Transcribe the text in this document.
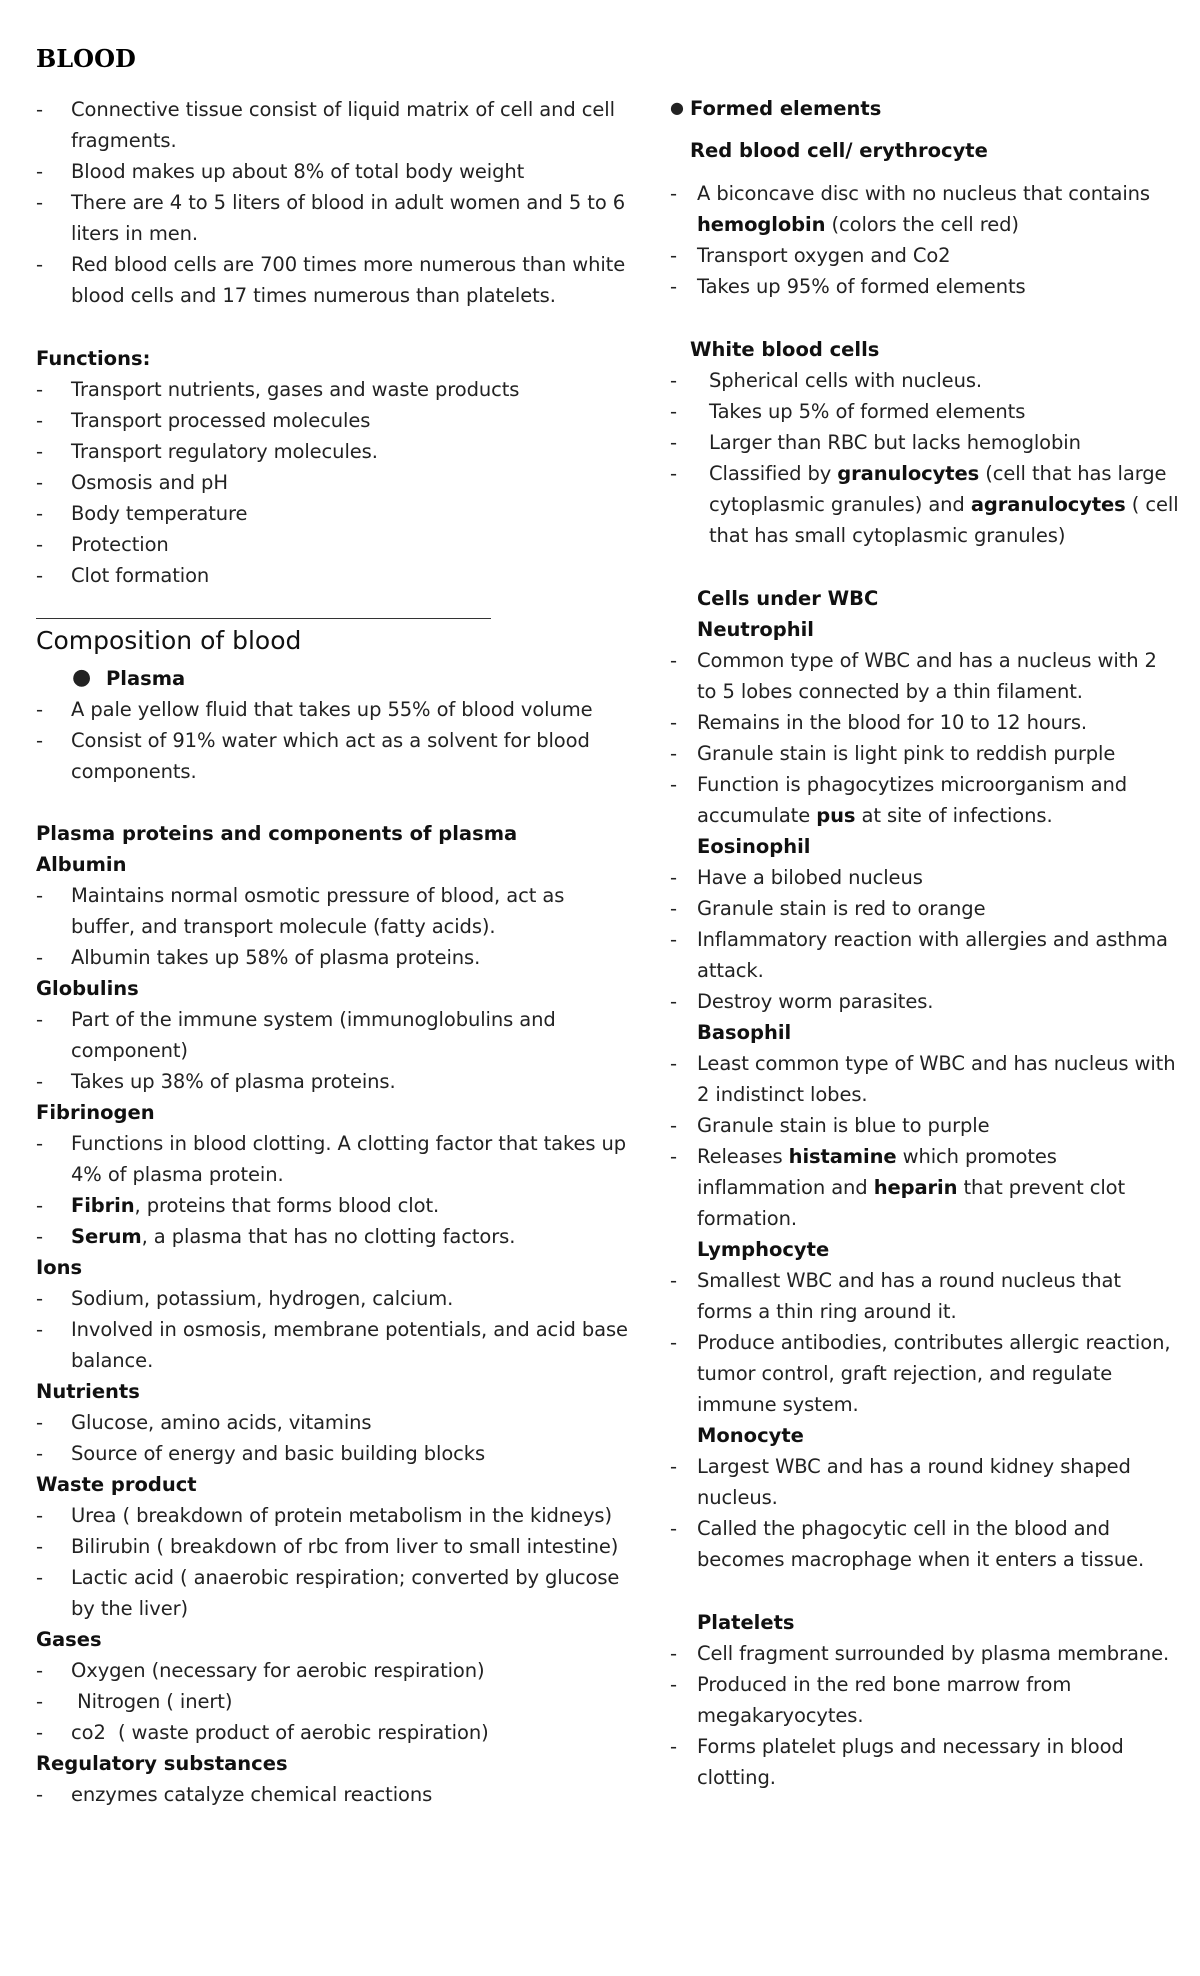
BLOOD
- Connective tissue consist of liquid matrix of cell and cell
fragments.
- Blood makes up about 8% of total body weight
- There are 4 to 5 liters of blood in adult women and 5 to 6
liters in men.
- Red blood cells are 700 times more numerous than white
blood cells and 17 times numerous than platelets.
Functions:
- Transport nutrients, gases and waste products
- Transport processed molecules
- Transport regulatory molecules.
- Osmosis and pH
- Body temperature
- Protection
- Clot formation
Composition of blood
● Plasma
- A pale yellow fluid that takes up 55% of blood volume
- Consist of 91% water which act as a solvent for blood
components.
Plasma proteins and components of plasma
Albumin
- Maintains normal osmotic pressure of blood, act as
buffer, and transport molecule (fatty acids).
- Albumin takes up 58% of plasma proteins.
Globulins
- Part of the immune system (immunoglobulins and
component)
- Takes up 38% of plasma proteins.
Fibrinogen
- Functions in blood clotting. A clotting factor that takes up
4% of plasma protein.
- Fibrin, proteins that forms blood clot.
- Serum, a plasma that has no clotting factors.
Ions
- Sodium, potassium, hydrogen, calcium.
- Involved in osmosis, membrane potentials, and acid base
balance.
Nutrients
- Glucose, amino acids, vitamins
- Source of energy and basic building blocks
Waste product
- Urea ( breakdown of protein metabolism in the kidneys)
- Bilirubin ( breakdown of rbc from liver to small intestine)
- Lactic acid ( anaerobic respiration; converted by glucose
by the liver)
Gases
- Oxygen (necessary for aerobic respiration)
- Nitrogen ( inert)
- co2  ( waste product of aerobic respiration)
Regulatory substances
- enzymes catalyze chemical reactions
● Formed elements
Red blood cell/ erythrocyte
- A biconcave disc with no nucleus that contains
hemoglobin (colors the cell red)
- Transport oxygen and Co2
- Takes up 95% of formed elements
White blood cells
- Spherical cells with nucleus.
- Takes up 5% of formed elements
- Larger than RBC but lacks hemoglobin
- Classified by granulocytes (cell that has large
cytoplasmic granules) and agranulocytes ( cell
that has small cytoplasmic granules)
Cells under WBC
Neutrophil
- Common type of WBC and has a nucleus with 2
to 5 lobes connected by a thin filament.
- Remains in the blood for 10 to 12 hours.
- Granule stain is light pink to reddish purple
- Function is phagocytizes microorganism and
accumulate pus at site of infections.
Eosinophil
- Have a bilobed nucleus
- Granule stain is red to orange
- Inflammatory reaction with allergies and asthma
attack.
- Destroy worm parasites.
Basophil
- Least common type of WBC and has nucleus with
2 indistinct lobes.
- Granule stain is blue to purple
- Releases histamine which promotes
inflammation and heparin that prevent clot
formation.
Lymphocyte
- Smallest WBC and has a round nucleus that
forms a thin ring around it.
- Produce antibodies, contributes allergic reaction,
tumor control, graft rejection, and regulate
immune system.
Monocyte
- Largest WBC and has a round kidney shaped
nucleus.
- Called the phagocytic cell in the blood and
becomes macrophage when it enters a tissue.
Platelets
- Cell fragment surrounded by plasma membrane.
- Produced in the red bone marrow from
megakaryocytes.
- Forms platelet plugs and necessary in blood
clotting.
